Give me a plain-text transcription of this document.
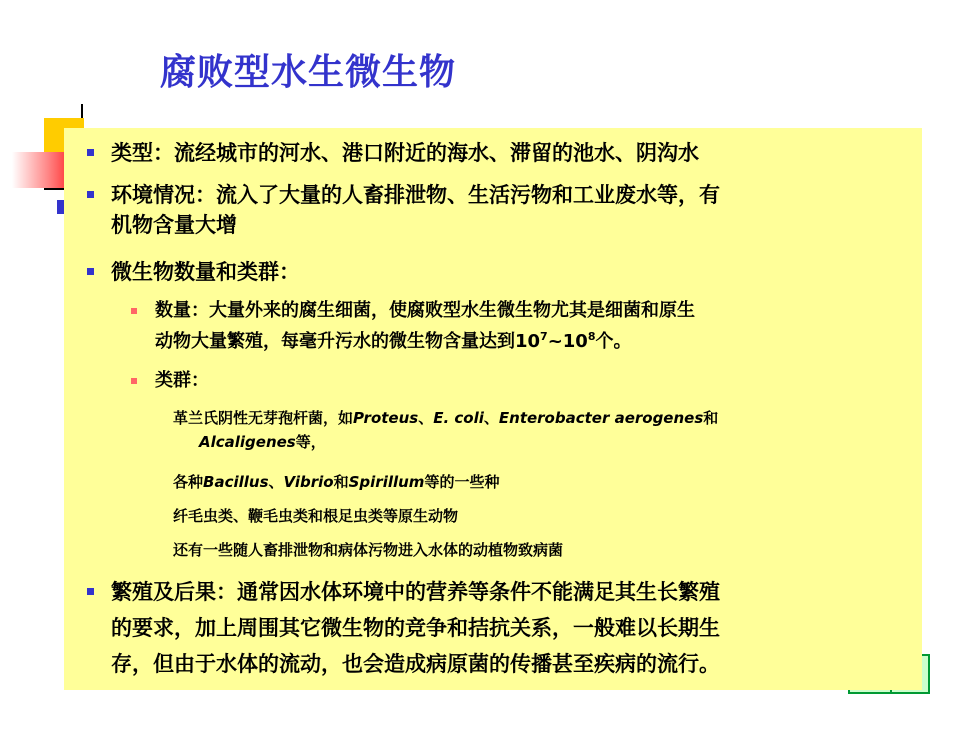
腐败型水生微生物
类型：流经城市的河水、港口附近的海水、滞留的池水、阴沟水
环境情况：流入了大量的人畜排泄物、生活污物和工业废水等，有
机物含量大增
微生物数量和类群：
数量：大量外来的腐生细菌，使腐败型水生微生物尤其是细菌和原生
动物大量繁殖，每毫升污水的微生物含量达到$10^7\sim 10^8$个。
类群：
革兰氏阴性无芽孢杆菌，如Proteus、E. coli、Enterobacter aerogenes和
Alcaligenes等，
各种Bacillus、Vibrio和Spirillum等的一些种
纤毛虫类、鞭毛虫类和根足虫类等原生动物
还有一些随人畜排泄物和病体污物进入水体的动植物致病菌
繁殖及后果：通常因水体环境中的营养等条件不能满足其生长繁殖
的要求，加上周围其它微生物的竞争和拮抗关系，一般难以长期生
存，但由于水体的流动，也会造成病原菌的传播甚至疾病的流行。
